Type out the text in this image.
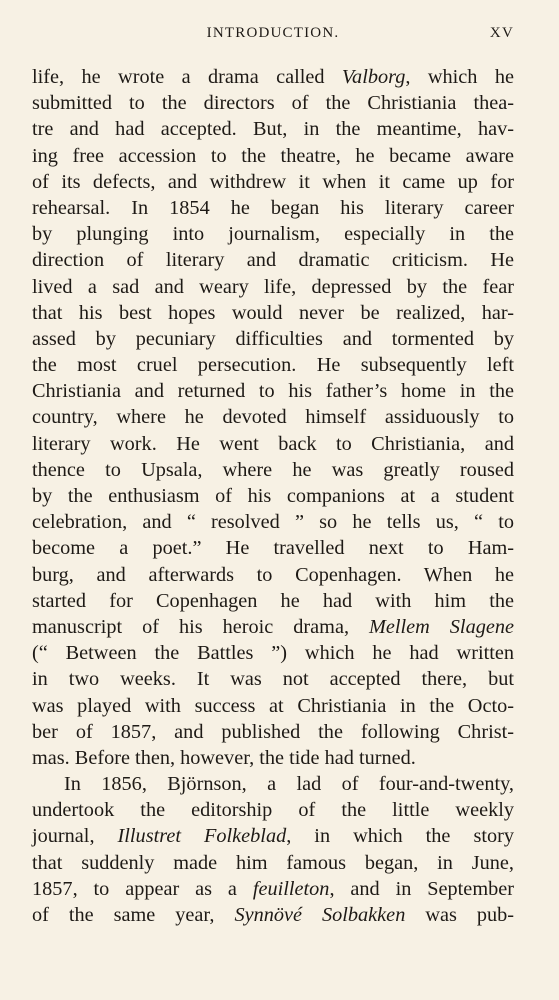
INTRODUCTION.	XV
life, he wrote a drama called Valborg, which he
submitted to the directors of the Christiania thea-
tre and had accepted. But, in the meantime, hav-
ing free accession to the theatre, he became aware
of its defects, and withdrew it when it came up for
rehearsal. In 1854 he began his literary career
by plunging into journalism, especially in the
direction of literary and dramatic criticism. He
lived a sad and weary life, depressed by the fear
that his best hopes would never be realized, har-
assed by pecuniary difficulties and tormented by
the most cruel persecution. He subsequently left
Christiania and returned to his father’s home in the
country, where he devoted himself assiduously to
literary work. He went back to Christiania, and
thence to Upsala, where he was greatly roused
by the enthusiasm of his companions at a student
celebration, and “ resolved ” so he tells us, “ to
become a poet.” He travelled next to Ham-
burg, and afterwards to Copenhagen. When he
started for Copenhagen he had with him the
manuscript of his heroic drama, Mellem Slagene
(“ Between the Battles ”) which he had written
in two weeks. It was not accepted there, but
was played with success at Christiania in the Octo-
ber of 1857, and published the following Christ-
mas. Before then, however, the tide had turned.
In 1856, Björnson, a lad of four-and-twenty,
undertook the editorship of the little weekly
journal, Illustret Folkeblad, in which the story
that suddenly made him famous began, in June,
1857, to appear as a feuilleton, and in September
of the same year, Synnövé Solbakken was pub-
